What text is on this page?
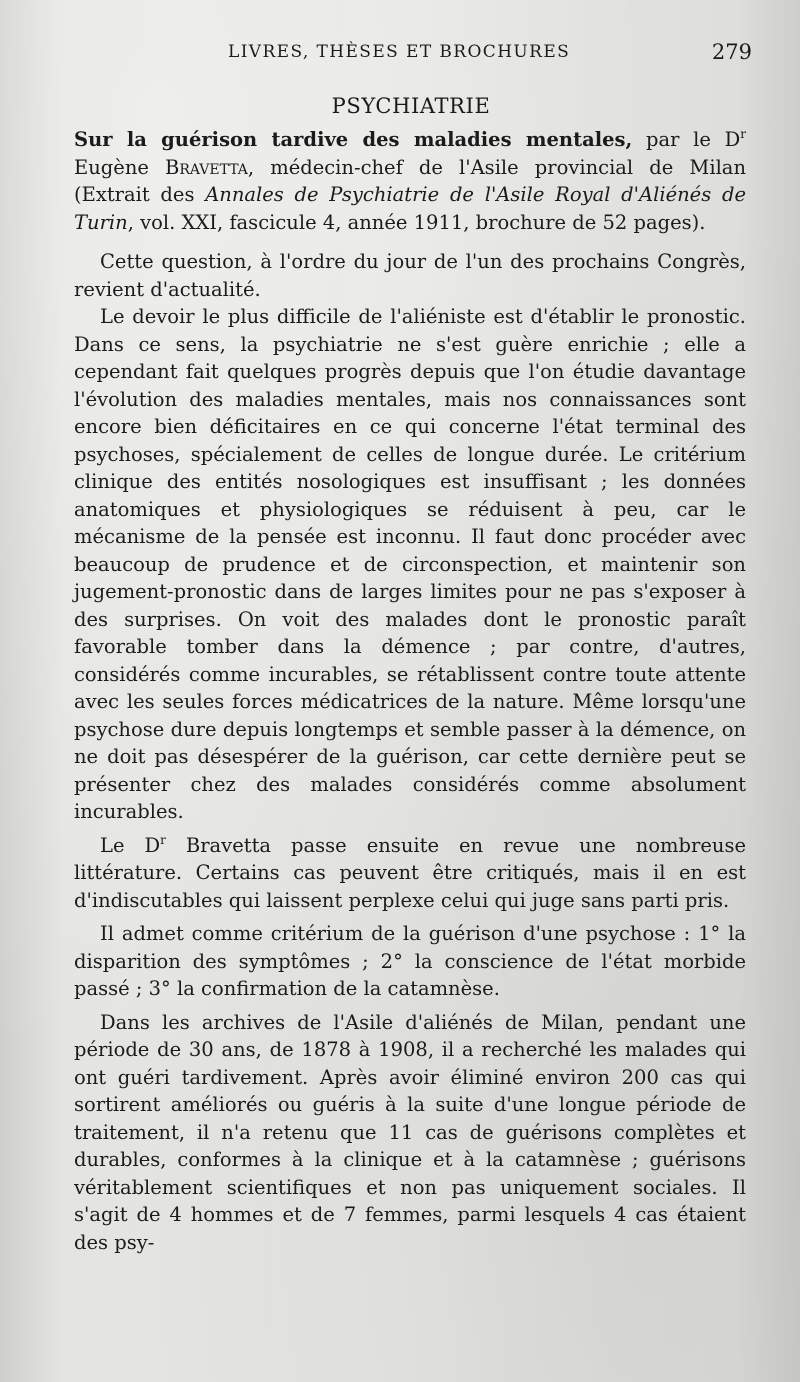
LIVRES, THÈSES ET BROCHURES	279
PSYCHIATRIE

Sur la guérison tardive des maladies mentales, par le $D^r$ Eugène Bravetta, médecin-chef de l'Asile provincial de Milan (Extrait des Annales de Psychiatrie de l'Asile Royal d'Aliénés de Turin, vol. XXI, fascicule 4, année 1911, brochure de 52 pages).

Cette question, à l'ordre du jour de l'un des prochains Congrès, revient d'actualité.

Le devoir le plus difficile de l'aliéniste est d'établir le pronostic. Dans ce sens, la psychiatrie ne s'est guère enrichie ; elle a cependant fait quelques progrès depuis que l'on étudie davantage l'évolution des maladies mentales, mais nos connaissances sont encore bien déficitaires en ce qui concerne l'état terminal des psychoses, spécialement de celles de longue durée. Le critérium clinique des entités nosologiques est insuffisant ; les données anatomiques et physiologiques se réduisent à peu, car le mécanisme de la pensée est inconnu. Il faut donc procéder avec beaucoup de prudence et de circonspection, et maintenir son jugement-pronostic dans de larges limites pour ne pas s'exposer à des surprises. On voit des malades dont le pronostic paraît favorable tomber dans la démence ; par contre, d'autres, considérés comme incurables, se rétablissent contre toute attente avec les seules forces médicatrices de la nature. Même lorsqu'une psychose dure depuis longtemps et semble passer à la démence, on ne doit pas désespérer de la guérison, car cette dernière peut se présenter chez des malades considérés comme absolument incurables.

Le $D^r$ Bravetta passe ensuite en revue une nombreuse littérature. Certains cas peuvent être critiqués, mais il en est d'indiscutables qui laissent perplexe celui qui juge sans parti pris.

Il admet comme critérium de la guérison d'une psychose : 1° la disparition des symptômes ; 2° la conscience de l'état morbide passé ; 3° la confirmation de la catamnèse.

Dans les archives de l'Asile d'aliénés de Milan, pendant une période de 30 ans, de 1878 à 1908, il a recherché les malades qui ont guéri tardivement. Après avoir éliminé environ 200 cas qui sortirent améliorés ou guéris à la suite d'une longue période de traitement, il n'a retenu que 11 cas de guérisons complètes et durables, conformes à la clinique et à la catamnèse ; guérisons véritablement scientifiques et non pas uniquement sociales. Il s'agit de 4 hommes et de 7 femmes, parmi lesquels 4 cas étaient des psy-
